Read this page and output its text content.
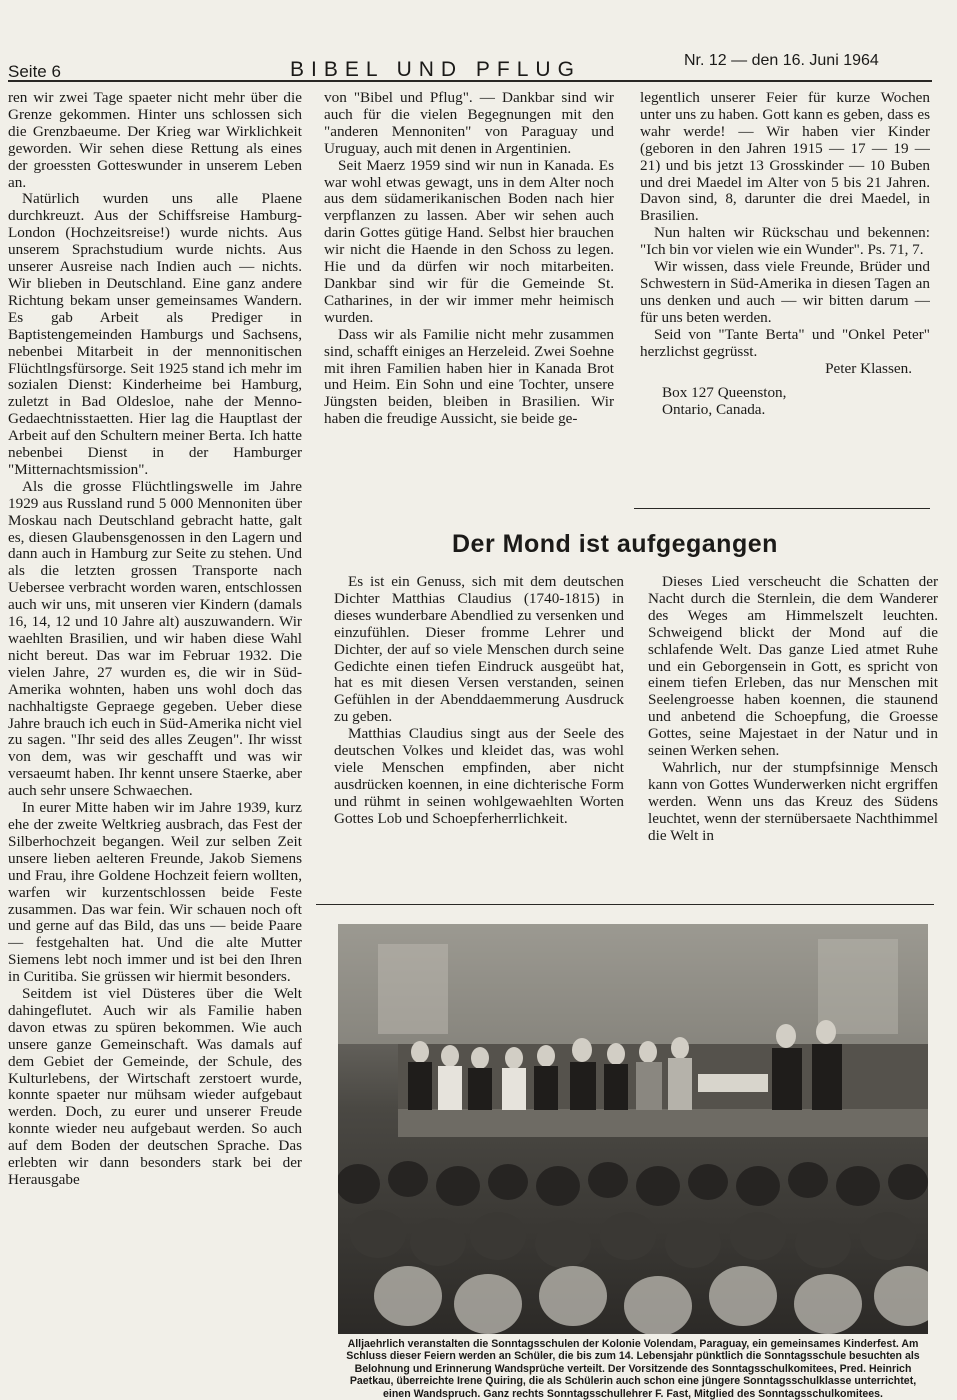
Seite 6	BIBEL UND PFLUG	Nr. 12 — den 16. Juni 1964

ren wir zwei Tage spaeter nicht mehr über die Grenze gekommen. Hinter uns schlossen sich die Grenzbaeume. Der Krieg war Wirklichkeit geworden. Wir sehen diese Rettung als eines der groessten Gotteswunder in unserem Leben an.

Natürlich wurden uns alle Plaene durchkreuzt. Aus der Schiffsreise Hamburg-London (Hochzeitsreise!) wurde nichts. Aus unserem Sprachstudium wurde nichts. Aus unserer Ausreise nach Indien auch — nichts. Wir blieben in Deutschland. Eine ganz andere Richtung bekam unser gemeinsames Wandern. Es gab Arbeit als Prediger in Baptistengemeinden Hamburgs und Sachsens, nebenbei Mitarbeit in der mennonitischen Flüchtlngsfürsorge. Seit 1925 stand ich mehr im sozialen Dienst: Kinderheime bei Hamburg, zuletzt in Bad Oldesloe, nahe der Menno-Gedaechtnisstaetten. Hier lag die Hauptlast der Arbeit auf den Schultern meiner Berta. Ich hatte nebenbei Dienst in der Hamburger "Mitternachtsmission".

Als die grosse Flüchtlingswelle im Jahre 1929 aus Russland rund 5 000 Mennoniten über Moskau nach Deutschland gebracht hatte, galt es, diesen Glaubensgenossen in den Lagern und dann auch in Hamburg zur Seite zu stehen. Und als die letzten grossen Transporte nach Uebersee verbracht worden waren, entschlossen auch wir uns, mit unseren vier Kindern (damals 16, 14, 12 und 10 Jahre alt) auszuwandern. Wir waehlten Brasilien, und wir haben diese Wahl nicht bereut. Das war im Februar 1932. Die vielen Jahre, 27 wurden es, die wir in Süd-Amerika wohnten, haben uns wohl doch das nachhaltigste Gepraege gegeben. Ueber diese Jahre brauch ich euch in Süd-Amerika nicht viel zu sagen. "Ihr seid des alles Zeugen". Ihr wisst von dem, was wir geschafft und was wir versaeumt haben. Ihr kennt unsere Staerke, aber auch sehr unsere Schwaechen.

In eurer Mitte haben wir im Jahre 1939, kurz ehe der zweite Weltkrieg ausbrach, das Fest der Silberhochzeit begangen. Weil zur selben Zeit unsere lieben aelteren Freunde, Jakob Siemens und Frau, ihre Goldene Hochzeit feiern wollten, warfen wir kurzentschlossen beide Feste zusammen. Das war fein. Wir schauen noch oft und gerne auf das Bild, das uns — beide Paare — festgehalten hat. Und die alte Mutter Siemens lebt noch immer und ist bei den Ihren in Curitiba. Sie grüssen wir hiermit besonders.

Seitdem ist viel Düsteres über die Welt dahingeflutet. Auch wir als Familie haben davon etwas zu spüren bekommen. Wie auch unsere ganze Gemeinschaft. Was damals auf dem Gebiet der Gemeinde, der Schule, des Kulturlebens, der Wirtschaft zerstoert wurde, konnte spaeter nur mühsam wieder aufgebaut werden. Doch, zu eurer und unserer Freude konnte wieder neu aufgebaut werden. So auch auf dem Boden der deutschen Sprache. Das erlebten wir dann besonders stark bei der Herausgabe

von "Bibel und Pflug". — Dankbar sind wir auch für die vielen Begegnungen mit den "anderen Mennoniten" von Paraguay und Uruguay, auch mit denen in Argentinien.

Seit Maerz 1959 sind wir nun in Kanada. Es war wohl etwas gewagt, uns in dem Alter noch aus dem südamerikanischen Boden nach hier verpflanzen zu lassen. Aber wir sehen auch darin Gottes gütige Hand. Selbst hier brauchen wir nicht die Haende in den Schoss zu legen. Hie und da dürfen wir noch mitarbeiten. Dankbar sind wir für die Gemeinde St. Catharines, in der wir immer mehr heimisch wurden.

Dass wir als Familie nicht mehr zusammen sind, schafft einiges an Herzeleid. Zwei Soehne mit ihren Familien haben hier in Kanada Brot und Heim. Ein Sohn und eine Tochter, unsere Jüngsten beiden, bleiben in Brasilien. Wir haben die freudige Aussicht, sie beide ge-

legentlich unserer Feier für kurze Wochen unter uns zu haben. Gott kann es geben, dass es wahr werde! — Wir haben vier Kinder (geboren in den Jahren 1915 — 17 — 19 — 21) und bis jetzt 13 Grosskinder — 10 Buben und drei Maedel im Alter von 5 bis 21 Jahren. Davon sind, 8, darunter die drei Maedel, in Brasilien.

Nun halten wir Rückschau und bekennen: "Ich bin vor vielen wie ein Wunder". Ps. 71, 7.

Wir wissen, dass viele Freunde, Brüder und Schwestern in Süd-Amerika in diesen Tagen an uns denken und auch — wir bitten darum — für uns beten werden.

Seid von "Tante Berta" und "Onkel Peter" herzlichst gegrüsst.

Peter Klassen.

Box 127 Queenston,

Ontario, Canada.

Der Mond ist aufgegangen

Es ist ein Genuss, sich mit dem deutschen Dichter Matthias Claudius (1740-1815) in dieses wunderbare Abendlied zu versenken und einzufühlen. Dieser fromme Lehrer und Dichter, der auf so viele Menschen durch seine Gedichte einen tiefen Eindruck ausgeübt hat, hat es mit diesen Versen verstanden, seinen Gefühlen in der Abenddaemmerung Ausdruck zu geben.

Matthias Claudius singt aus der Seele des deutschen Volkes und kleidet das, was wohl viele Menschen empfinden, aber nicht ausdrücken koennen, in eine dichterische Form und rühmt in seinen wohlgewaehlten Worten Gottes Lob und Schoepferherrlichkeit.

Dieses Lied verscheucht die Schatten der Nacht durch die Sternlein, die dem Wanderer des Weges am Himmelszelt leuchten. Schweigend blickt der Mond auf die schlafende Welt. Das ganze Lied atmet Ruhe und ein Geborgensein in Gott, es spricht von einem tiefen Erleben, das nur Menschen mit Seelengroesse haben koennen, die staunend und anbetend die Schoepfung, die Groesse Gottes, seine Majestaet in der Natur und in seinen Werken sehen.

Wahrlich, nur der stumpfsinnige Mensch kann von Gottes Wunderwerken nicht ergriffen werden. Wenn uns das Kreuz des Südens leuchtet, wenn der sternübersaete Nachthimmel die Welt in

Alljaehrlich veranstalten die Sonntagsschulen der Kolonie Volendam, Paraguay, ein gemeinsames Kinderfest. Am Schluss dieser Feiern werden an Schüler, die bis zum 14. Lebensjahr pünktlich die Sonntagsschule besuchten als Belohnung und Erinnerung Wandsprüche verteilt. Der Vorsitzende des Sonntagsschulkomitees, Pred. Heinrich Paetkau, überreichte Irene Quiring, die als Schülerin auch schon eine jüngere Sonntagsschulklasse unterrichtet, einen Wandspruch. Ganz rechts Sonntagsschullehrer F. Fast, Mitglied des Sonntagsschulkomitees.
